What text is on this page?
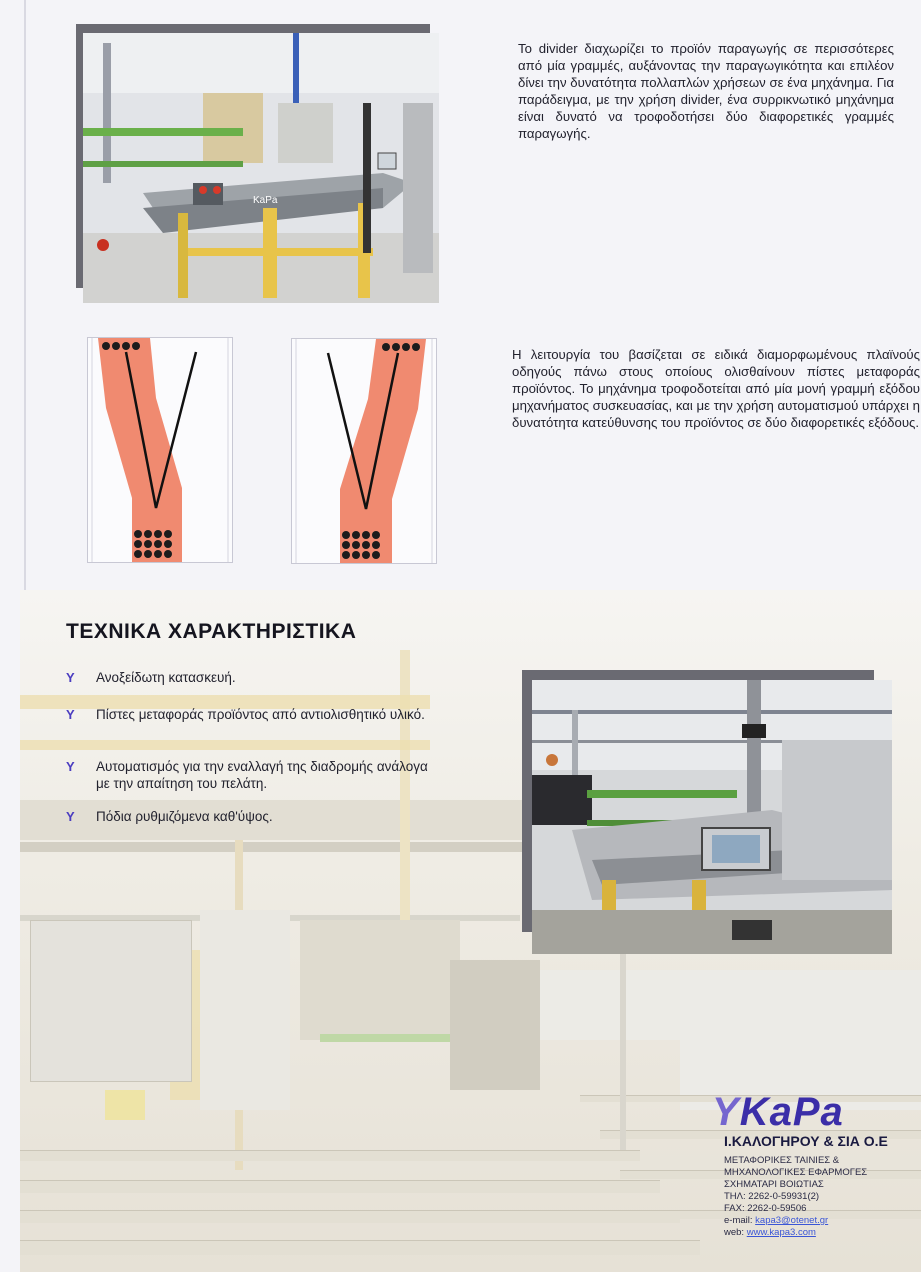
KaPa
Το divider διαχωρίζει το προϊόν παραγωγής σε περισσότερες από μία γραμμές, αυξάνοντας την παραγωγικότητα και επιλέον δίνει την δυνατότητα πολλαπλών χρήσεων σε ένα μηχάνημα. Για παράδειγμα, με την χρήση divider, ένα συρρικνωτικό μηχάνημα είναι δυνατό να τροφοδοτήσει δύο διαφορετικές γραμμές παραγωγής.
Η λειτουργία του βασίζεται σε ειδικά διαμορφωμένους πλαϊνούς οδηγούς πάνω στους οποίους ολισθαίνουν πίστες μεταφοράς προϊόντος. Το μηχάνημα τροφοδοτείται από μία μονή γραμμή εξόδου μηχανήματος συσκευασίας, και με την χρήση αυτοματισμού υπάρχει η δυνατότητα κατεύθυνσης του προϊόντος σε δύο διαφορετικές εξόδους.
ΤΕΧΝΙΚΑ ΧΑΡΑΚΤΗΡΙΣΤΙΚΑ
Y Ανοξείδωτη κατασκευή.
Y Πίστες μεταφοράς προϊόντος από αντιολισθητικό υλικό.
Y Αυτοματισμός για την εναλλαγή της διαδρομής ανάλογα με την απαίτηση του πελάτη.
Y Πόδια ρυθμιζόμενα καθ'ύψος.
YKaPa
Ι.ΚΑΛΟΓΗΡΟΥ & ΣΙΑ Ο.Ε
ΜΕΤΑΦΟΡΙΚΕΣ ΤΑΙΝΙΕΣ &
ΜΗΧΑΝΟΛΟΓΙΚΕΣ ΕΦΑΡΜΟΓΕΣ
ΣΧΗΜΑΤΑΡΙ ΒΟΙΩΤΙΑΣ
ΤΗΛ: 2262-0-59931(2)
FAX: 2262-0-59506
e-mail: kapa3@otenet.gr
web: www.kapa3.com
